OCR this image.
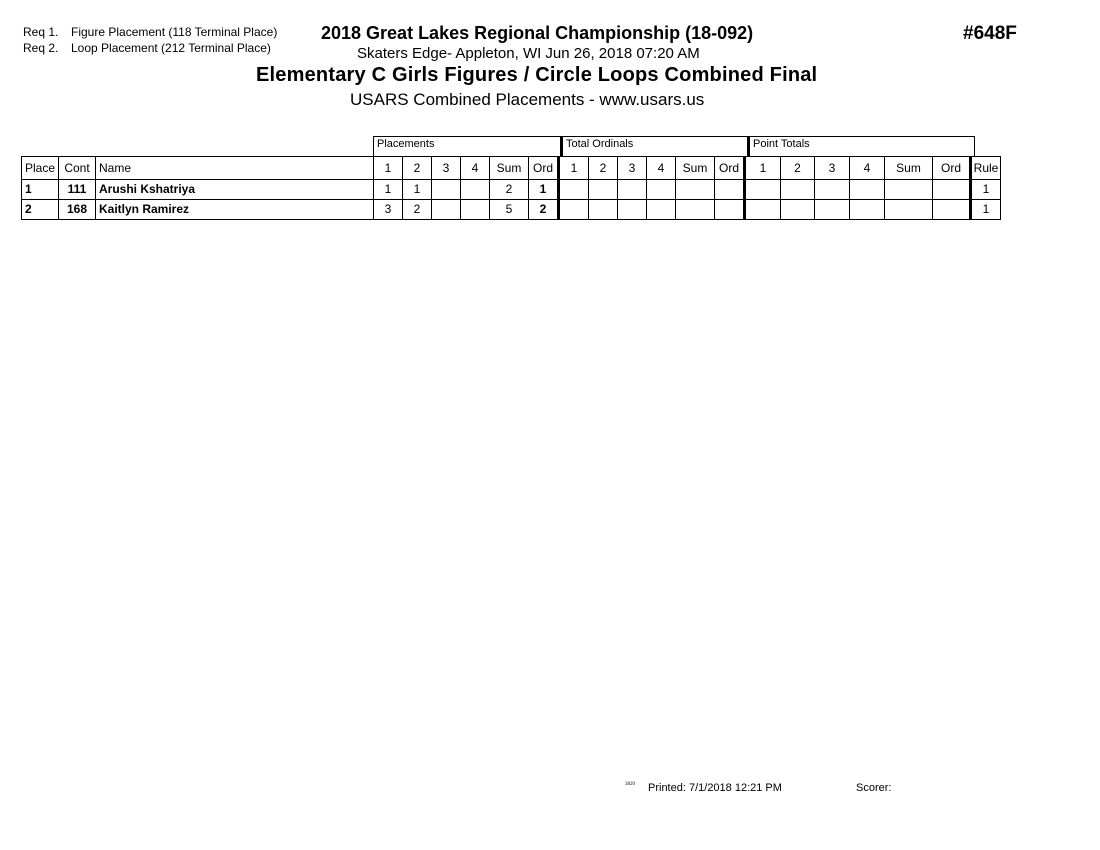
Req 1. Figure Placement (118 Terminal Place)
Req 2. Loop Placement (212 Terminal Place)
2018 Great Lakes Regional Championship (18-092)
Skaters Edge- Appleton, WI Jun 26, 2018 07:20 AM
Elementary C Girls Figures / Circle Loops Combined Final
USARS Combined Placements - www.usars.us
#648F
Placements	Total Ordinals	Point Totals
Place	Cont	Name	1	2	3	4	Sum	Ord	1	2	3	4	Sum	Ord	1	2	3	4	Sum	Ord	Rule
1	111	Arushi Kshatriya	1	1			2	1													1
2	168	Kaitlyn Ramirez	3	2			5	2													1
3820 Printed: 7/1/2018 12:21 PM	Scorer:
